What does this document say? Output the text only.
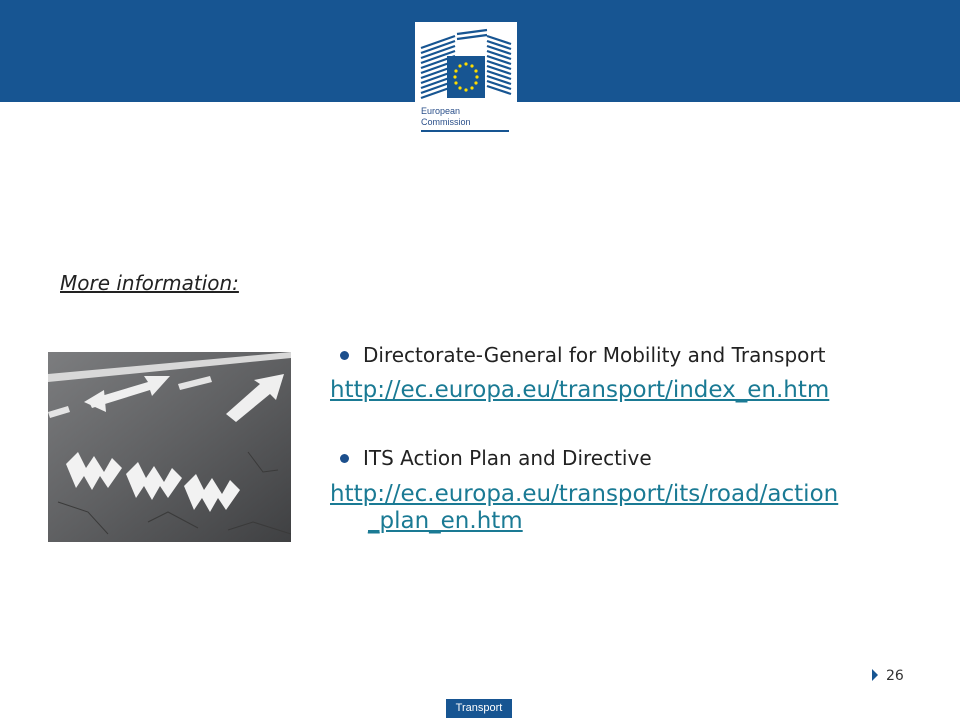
European
Commission
More information:
Directorate-General for Mobility and Transport
http://ec.europa.eu/transport/index_en.htm
ITS Action Plan and Directive
http://ec.europa.eu/transport/its/road/action
_plan_en.htm
26
Transport
